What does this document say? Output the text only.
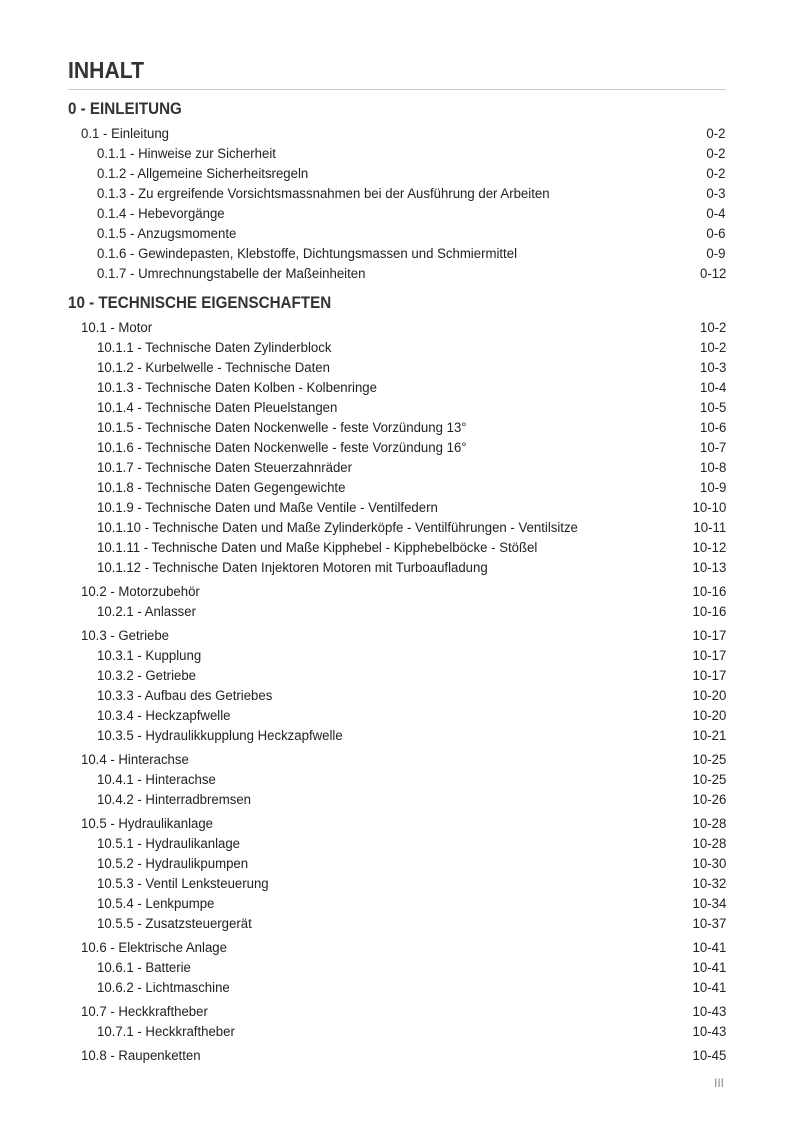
INHALT
0 - EINLEITUNG
0.1 - Einleitung	0-2
0.1.1 - Hinweise zur Sicherheit	0-2
0.1.2 - Allgemeine Sicherheitsregeln	0-2
0.1.3 - Zu ergreifende Vorsichtsmassnahmen bei der Ausführung der Arbeiten	0-3
0.1.4 - Hebevorgänge	0-4
0.1.5 - Anzugsmomente	0-6
0.1.6 - Gewindepasten, Klebstoffe, Dichtungsmassen und Schmiermittel	0-9
0.1.7 - Umrechnungstabelle der Maßeinheiten	0-12
10 - TECHNISCHE EIGENSCHAFTEN
10.1 - Motor	10-2
10.1.1 - Technische Daten Zylinderblock	10-2
10.1.2 - Kurbelwelle - Technische Daten	10-3
10.1.3 - Technische Daten Kolben - Kolbenringe	10-4
10.1.4 - Technische Daten Pleuelstangen	10-5
10.1.5 - Technische Daten Nockenwelle - feste Vorzündung 13°	10-6
10.1.6 - Technische Daten Nockenwelle - feste Vorzündung 16°	10-7
10.1.7 - Technische Daten Steuerzahnräder	10-8
10.1.8 - Technische Daten Gegengewichte	10-9
10.1.9 - Technische Daten und Maße Ventile - Ventilfedern	10-10
10.1.10 - Technische Daten und Maße Zylinderköpfe - Ventilführungen - Ventilsitze	10-11
10.1.11 - Technische Daten und Maße Kipphebel - Kipphebelböcke - Stößel	10-12
10.1.12 - Technische Daten Injektoren Motoren mit Turboaufladung	10-13
10.2 - Motorzubehör	10-16
10.2.1 - Anlasser	10-16
10.3 - Getriebe	10-17
10.3.1 - Kupplung	10-17
10.3.2 - Getriebe	10-17
10.3.3 - Aufbau des Getriebes	10-20
10.3.4 - Heckzapfwelle	10-20
10.3.5 - Hydraulikkupplung Heckzapfwelle	10-21
10.4 - Hinterachse	10-25
10.4.1 - Hinterachse	10-25
10.4.2 - Hinterradbremsen	10-26
10.5 - Hydraulikanlage	10-28
10.5.1 - Hydraulikanlage	10-28
10.5.2 - Hydraulikpumpen	10-30
10.5.3 - Ventil Lenksteuerung	10-32
10.5.4 - Lenkpumpe	10-34
10.5.5 - Zusatzsteuergerät	10-37
10.6 - Elektrische Anlage	10-41
10.6.1 - Batterie	10-41
10.6.2 - Lichtmaschine	10-41
10.7 - Heckkraftheber	10-43
10.7.1 - Heckkraftheber	10-43
10.8 - Raupenketten	10-45
III
